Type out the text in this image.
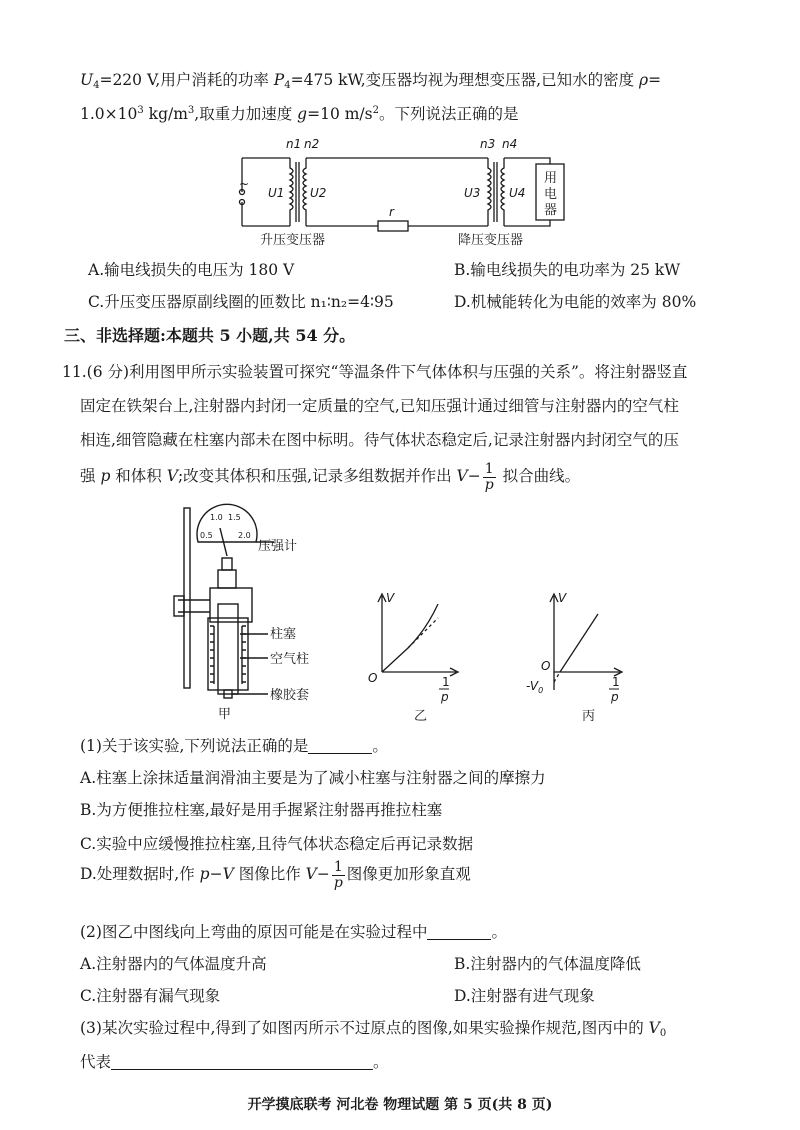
$U_4=220$ V,用户消耗的功率 $P_4=475$ kW,变压器均视为理想变压器,已知水的密度 ρ=
$1.0\times 10^3$ $kg/m^3$,取重力加速度 g=10 $m/s^2$。下列说法正确的是
~
n1 n2
U1 U2
r
n3 n4
U3 U4
用
电
器
升压变压器	降压变压器
A.输电线损失的电压为 180 V	B.输电线损失的电功率为 25 kW
C.升压变压器原副线圈的匝数比 n₁∶n₂=4∶95	D.机械能转化为电能的效率为 80%
三、非选择题:本题共 5 小题,共 54 分。
11.(6 分)利用图甲所示实验装置可探究“等温条件下气体体积与压强的关系”。将注射器竖直
固定在铁架台上,注射器内封闭一定质量的空气,已知压强计通过细管与注射器内的空气柱
相连,细管隐藏在柱塞内部未在图中标明。待气体状态稳定后,记录注射器内封闭空气的压
强 p 和体积 V;改变其体积和压强,记录多组数据并作出 $V- \frac{1}{p}$ 拟合曲线。
0.5
1.0 1.5
2.0
压强计
柱塞
空气柱
橡胶套
甲
V
O	1
p
乙
V
O
$-V_0$
1
p
丙
(1)关于该实验,下列说法正确的是	。
A.柱塞上涂抹适量润滑油主要是为了减小柱塞与注射器之间的摩擦力
B.为方便推拉柱塞,最好是用手握紧注射器再推拉柱塞
C.实验中应缓慢推拉柱塞,且待气体状态稳定后再记录数据
D.处理数据时,作 p−V 图像比作 $V- \frac{1}{p}$ 图像更加形象直观
(2)图乙中图线向上弯曲的原因可能是在实验过程中	。
A.注射器内的气体温度升高	B.注射器内的气体温度降低
C.注射器有漏气现象	D.注射器有进气现象
(3)某次实验过程中,得到了如图丙所示不过原点的图像,如果实验操作规范,图丙中的 $V_0$
代表	。
开学摸底联考 河北卷 物理试题 第 5 页(共 8 页)
